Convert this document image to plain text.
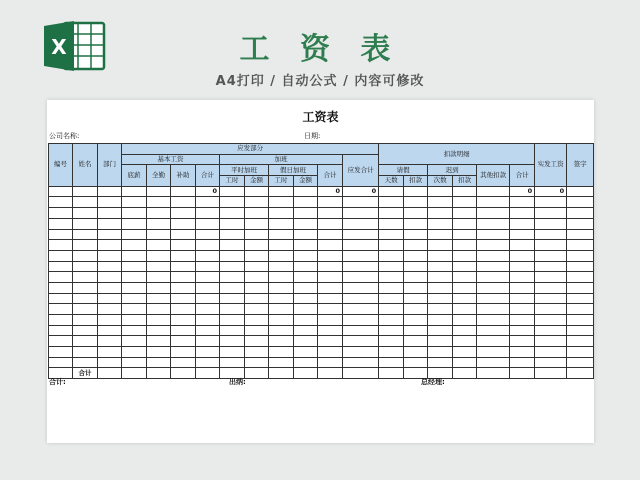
X	工 资 表
A4打印 / 自动公式 / 内容可修改
工资表
公司名称:	日期:
编号	姓名	部门	应发部分										扣款明细						实发工资	签字
			基本工资				加班					应发合计								
			底薪	全勤	补助	合计	平时加班		假日加班		合计		请假		迟到		其他扣款	合计		
							工时	金额	工时	金额			天数	扣款	次数	扣款				
						0					0	0						0	0	

	合计																			
合计:	出纳:	总经理:
